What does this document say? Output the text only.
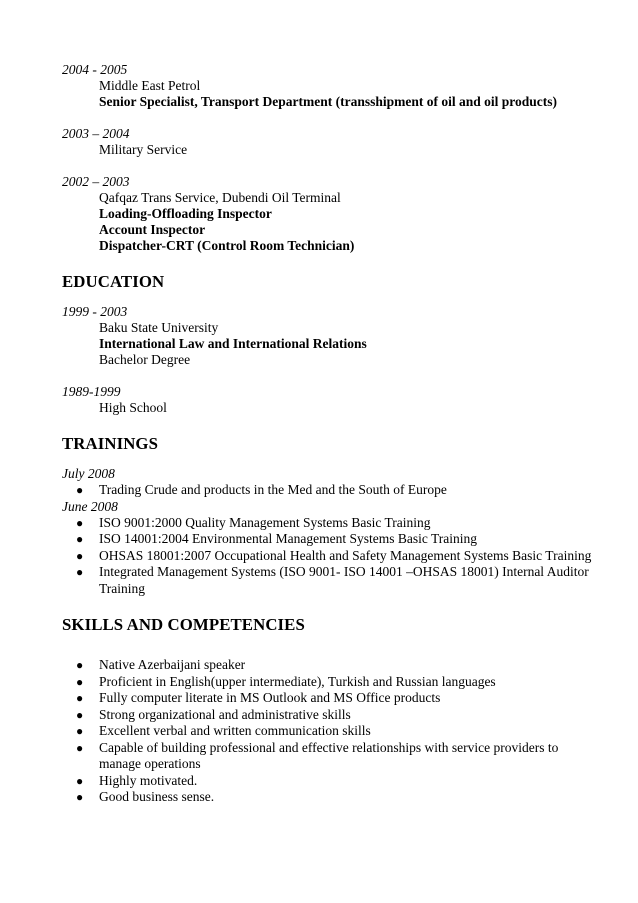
2004 - 2005
Middle East Petrol
Senior Specialist, Transport Department (transshipment of oil and oil products)
2003 – 2004
Military Service
2002 – 2003
Qafqaz Trans Service, Dubendi Oil Terminal
Loading-Offloading Inspector
Account Inspector
Dispatcher-CRT (Control Room Technician)
EDUCATION
1999 - 2003
Baku State University
International Law and International Relations
Bachelor Degree
1989-1999
High School
TRAININGS
July 2008
● Trading Crude and products in the Med and the South of Europe
June 2008
● ISO 9001:2000 Quality Management Systems Basic Training
● ISO 14001:2004 Environmental Management Systems Basic Training
● OHSAS 18001:2007 Occupational Health and Safety Management Systems Basic Training
● Integrated Management Systems (ISO 9001- ISO 14001 –OHSAS 18001) Internal Auditor Training
SKILLS AND COMPETENCIES
● Native Azerbaijani speaker
● Proficient in English(upper intermediate), Turkish and Russian languages
● Fully computer literate in MS Outlook and MS Office products
● Strong organizational and administrative skills
● Excellent verbal and written communication skills
● Capable of building professional and effective relationships with service providers to manage operations
● Highly motivated.
● Good business sense.
